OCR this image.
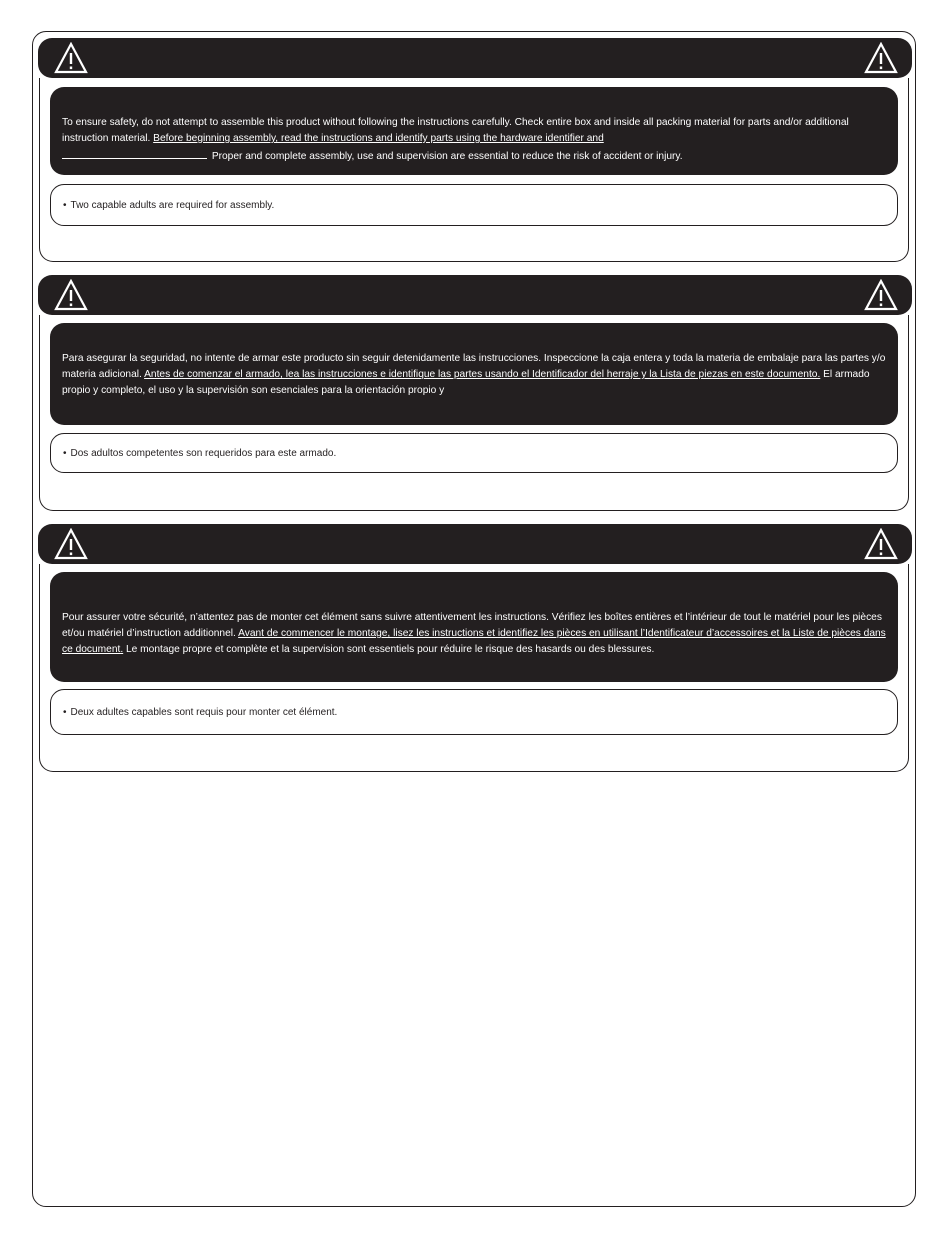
To ensure safety, do not attempt to assemble this product without following the instructions carefully. Check entire box and inside all packing material for parts and/or additional instruction material. Before beginning assembly, read the instructions and identify parts using the hardware identifier and
Proper and complete assembly, use and supervision are essential to reduce the risk of accident or injury.

• Two capable adults are required for assembly.

Para asegurar la seguridad, no intente de armar este producto sin seguir detenidamente las instrucciones. Inspeccione la caja entera y toda la materia de embalaje para las partes y/o materia adicional. Antes de comenzar el armado, lea las instrucciones e identifique las partes usando el Identificador del herraje y la Lista de piezas en este documento. El armado propio y completo, el uso y la supervisión son esenciales para la orientación propio y

• Dos adultos competentes son requeridos para este armado.

Pour assurer votre sécurité, n’attentez pas de monter cet élément sans suivre attentivement les instructions. Vérifiez les boîtes entières et l’intérieur de tout le matériel pour les pièces et/ou matériel d’instruction additionnel. Avant de commencer le montage, lisez les instructions et identifiez les pièces en utilisant l’Identificateur d’accessoires et la Liste de pièces dans ce document. Le montage propre et complète et la supervision sont essentiels pour réduire le risque des hasards ou des blessures.

• Deux adultes capables sont requis pour monter cet élément.
